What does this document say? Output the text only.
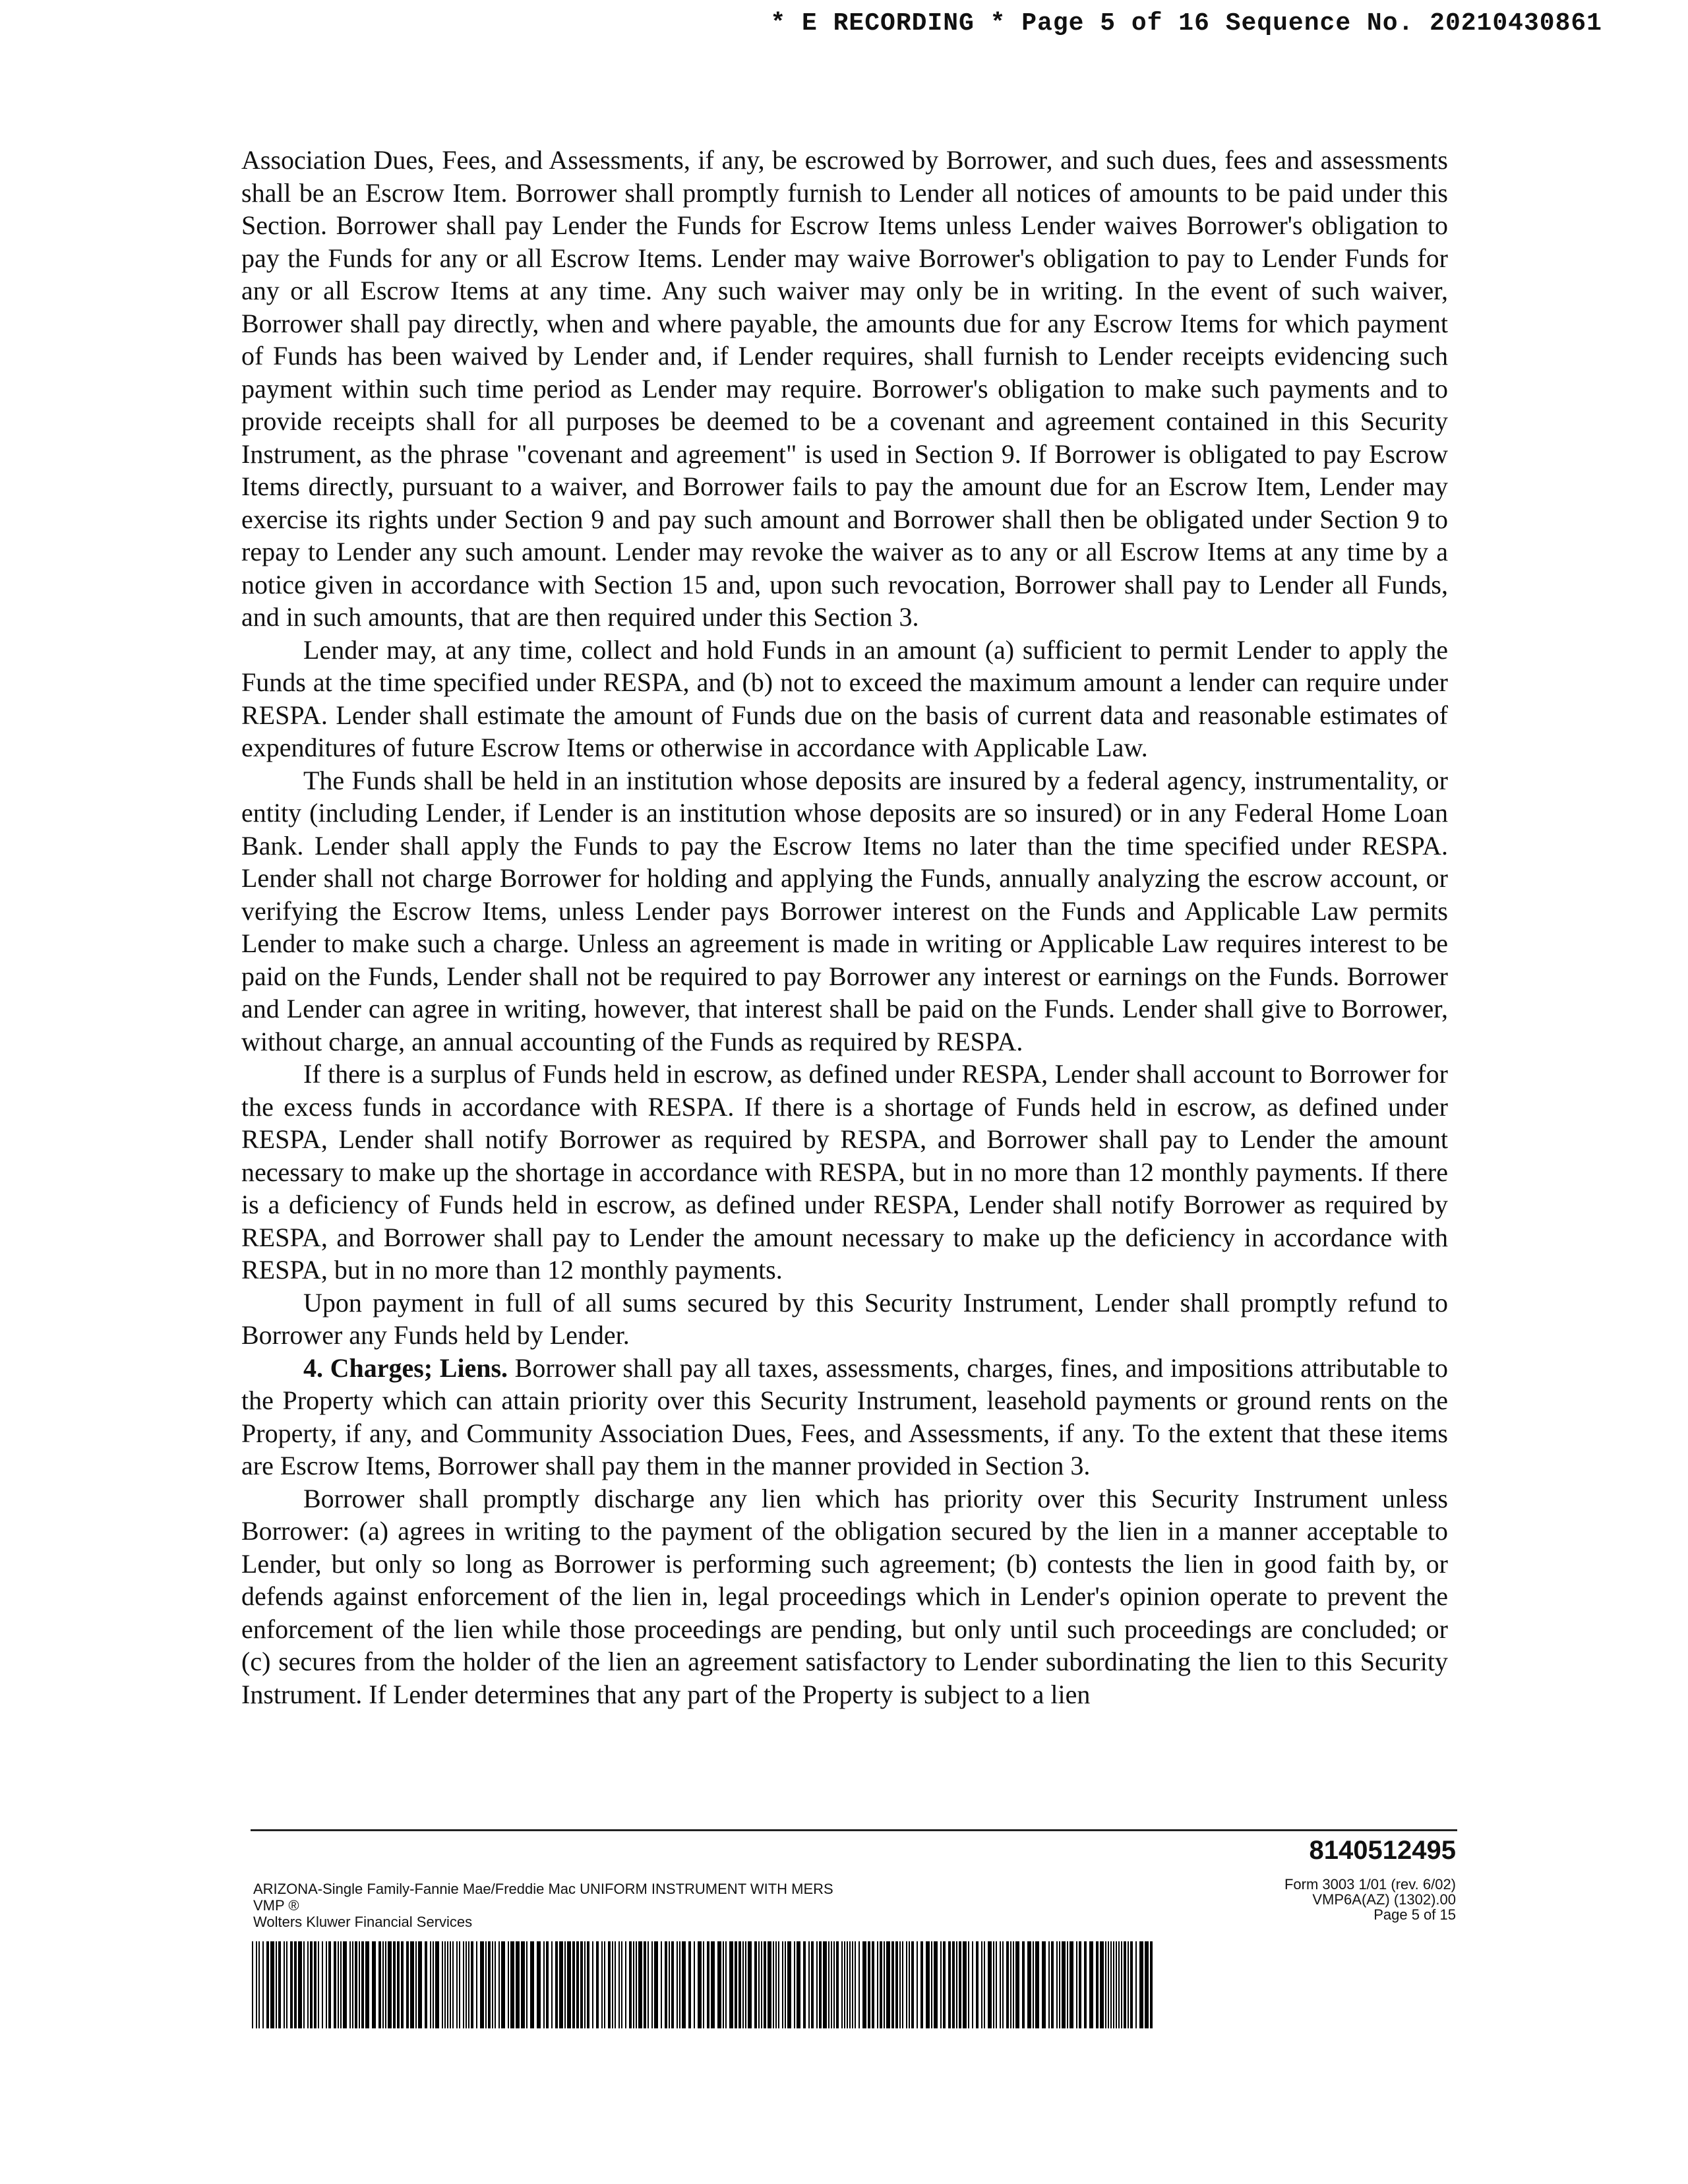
* E RECORDING * Page 5 of 16 Sequence No. 20210430861

Association Dues, Fees, and Assessments, if any, be escrowed by Borrower, and such dues, fees and assessments shall be an Escrow Item. Borrower shall promptly furnish to Lender all notices of amounts to be paid under this Section. Borrower shall pay Lender the Funds for Escrow Items unless Lender waives Borrower's obligation to pay the Funds for any or all Escrow Items. Lender may waive Borrower's obligation to pay to Lender Funds for any or all Escrow Items at any time. Any such waiver may only be in writing. In the event of such waiver, Borrower shall pay directly, when and where payable, the amounts due for any Escrow Items for which payment of Funds has been waived by Lender and, if Lender requires, shall furnish to Lender receipts evidencing such payment within such time period as Lender may require. Borrower's obligation to make such payments and to provide receipts shall for all purposes be deemed to be a covenant and agreement contained in this Security Instrument, as the phrase "covenant and agreement" is used in Section 9. If Borrower is obligated to pay Escrow Items directly, pursuant to a waiver, and Borrower fails to pay the amount due for an Escrow Item, Lender may exercise its rights under Section 9 and pay such amount and Borrower shall then be obligated under Section 9 to repay to Lender any such amount. Lender may revoke the waiver as to any or all Escrow Items at any time by a notice given in accordance with Section 15 and, upon such revocation, Borrower shall pay to Lender all Funds, and in such amounts, that are then required under this Section 3.

Lender may, at any time, collect and hold Funds in an amount (a) sufficient to permit Lender to apply the Funds at the time specified under RESPA, and (b) not to exceed the maximum amount a lender can require under RESPA. Lender shall estimate the amount of Funds due on the basis of current data and reasonable estimates of expenditures of future Escrow Items or otherwise in accordance with Applicable Law.

The Funds shall be held in an institution whose deposits are insured by a federal agency, instrumentality, or entity (including Lender, if Lender is an institution whose deposits are so insured) or in any Federal Home Loan Bank. Lender shall apply the Funds to pay the Escrow Items no later than the time specified under RESPA. Lender shall not charge Borrower for holding and applying the Funds, annually analyzing the escrow account, or verifying the Escrow Items, unless Lender pays Borrower interest on the Funds and Applicable Law permits Lender to make such a charge. Unless an agreement is made in writing or Applicable Law requires interest to be paid on the Funds, Lender shall not be required to pay Borrower any interest or earnings on the Funds. Borrower and Lender can agree in writing, however, that interest shall be paid on the Funds. Lender shall give to Borrower, without charge, an annual accounting of the Funds as required by RESPA.

If there is a surplus of Funds held in escrow, as defined under RESPA, Lender shall account to Borrower for the excess funds in accordance with RESPA. If there is a shortage of Funds held in escrow, as defined under RESPA, Lender shall notify Borrower as required by RESPA, and Borrower shall pay to Lender the amount necessary to make up the shortage in accordance with RESPA, but in no more than 12 monthly payments. If there is a deficiency of Funds held in escrow, as defined under RESPA, Lender shall notify Borrower as required by RESPA, and Borrower shall pay to Lender the amount necessary to make up the deficiency in accordance with RESPA, but in no more than 12 monthly payments.

Upon payment in full of all sums secured by this Security Instrument, Lender shall promptly refund to Borrower any Funds held by Lender.

4. Charges; Liens. Borrower shall pay all taxes, assessments, charges, fines, and impositions attributable to the Property which can attain priority over this Security Instrument, leasehold payments or ground rents on the Property, if any, and Community Association Dues, Fees, and Assessments, if any. To the extent that these items are Escrow Items, Borrower shall pay them in the manner provided in Section 3.

Borrower shall promptly discharge any lien which has priority over this Security Instrument unless Borrower: (a) agrees in writing to the payment of the obligation secured by the lien in a manner acceptable to Lender, but only so long as Borrower is performing such agreement; (b) contests the lien in good faith by, or defends against enforcement of the lien in, legal proceedings which in Lender's opinion operate to prevent the enforcement of the lien while those proceedings are pending, but only until such proceedings are concluded; or (c) secures from the holder of the lien an agreement satisfactory to Lender subordinating the lien to this Security Instrument. If Lender determines that any part of the Property is subject to a lien

8140512495
ARIZONA-Single Family-Fannie Mae/Freddie Mac UNIFORM INSTRUMENT WITH MERS
VMP ®
Wolters Kluwer Financial Services
Form 3003 1/01 (rev. 6/02)
VMP6A(AZ) (1302).00
Page 5 of 15
